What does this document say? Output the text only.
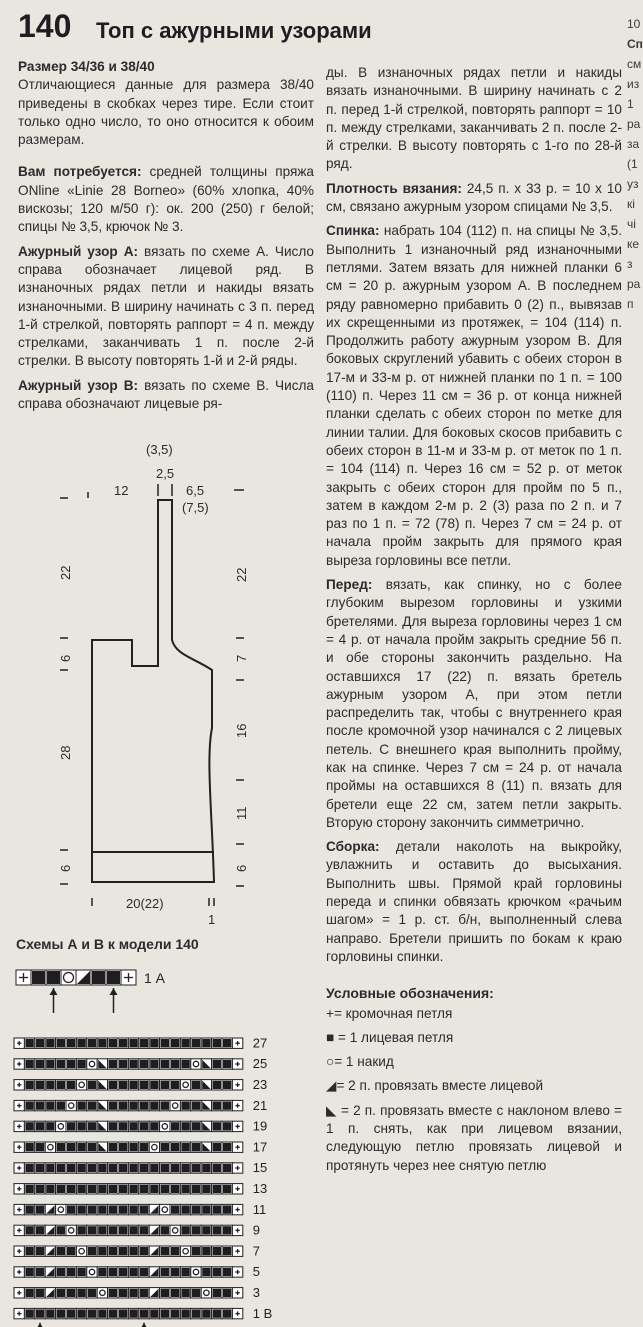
140 Топ с ажурными узорами

Размер 34/36 и 38/40
Отличающиеся данные для размера 38/40 приведены в скобках через тире. Если стоит только одно число, то оно относится к обоим размерам.

Вам потребуется: средней толщины пряжа ONline «Linie 28 Borneo» (60% хлопка, 40% вискозы; 120 м/50 г): ок. 200 (250) г белой; спицы № 3,5, крючок № 3.

Ажурный узор А: вязать по схеме А. Число справа обозначает лицевой ряд. В изнаночных рядах петли и накиды вязать изнаночными. В ширину начинать с 3 п. перед 1-й стрелкой, повторять раппорт = 4 п. между стрелками, заканчивать 1 п. после 2-й стрелки. В высоту повторять 1-й и 2-й ряды.

Ажурный узор В: вязать по схеме В. Числа справа обозначают лицевые ря-

ды. В изнаночных рядах петли и накиды вязать изнаночными. В ширину начинать с 2 п. перед 1-й стрелкой, повторять раппорт = 10 п. между стрелками, заканчивать 2 п. после 2-й стрелки. В высоту повторять с 1-го по 28-й ряд.

Плотность вязания: 24,5 п. х 33 р. = 10 х 10 см, связано ажурным узором спицами № 3,5.

Спинка: набрать 104 (112) п. на спицы № 3,5. Выполнить 1 изнаночный ряд изнаночными петлями. Затем вязать для нижней планки 6 см = 20 р. ажурным узором А. В последнем ряду равномерно прибавить 0 (2) п., вывязав их скрещенными из протяжек, = 104 (114) п. Продолжить работу ажурным узором В. Для боковых скруглений убавить с обеих сторон в 17-м и 33-м р. от нижней планки по 1 п. = 100 (110) п. Через 11 см = 36 р. от конца нижней планки сделать с обеих сторон по метке для линии талии. Для боковых скосов прибавить с обеих сторон в 11-м и 33-м р. от меток по 1 п. = 104 (114) п. Через 16 см = 52 р. от меток закрыть с обеих сторон для пройм по 5 п., затем в каждом 2-м р. 2 (3) раза по 2 п. и 7 раз по 1 п. = 72 (78) п. Через 7 см = 24 р. от начала пройм закрыть для прямого края выреза горловины все петли.

Перед: вязать, как спинку, но с более глубоким вырезом горловины и узкими бретелями. Для выреза горловины через 1 см = 4 р. от начала пройм закрыть средние 56 п. и обе стороны закончить раздельно. На оставшихся 17 (22) п. вязать бретель ажурным узором А, при этом петли распределить так, чтобы с внутреннего края после кромочной узор начинался с 2 лицевых петель. С внешнего края выполнить пройму, как на спинке. Через 7 см = 24 р. от начала проймы на оставшихся 8 (11) п. вязать для бретели еще 22 см, затем петли закрыть. Вторую сторону закончить симметрично.

Сборка: детали наколоть на выкройку, увлажнить и оставить до высыхания. Выполнить швы. Прямой край горловины переда и спинки обвязать крючком «рачьим шагом» = 1 р. ст. б/н, выполненный слева направо. Бретели пришить по бокам к краю горловины спинки.

Условные обозначения:

+= кромочная петля

■ = 1 лицевая петля

○= 1 накид

◢= 2 п. провязать вместе лицевой

◣ = 2 п. провязать вместе с наклоном влево = 1 п. снять, как при лицевом вязании, следующую петлю провязать лицевой и протянуть через нее снятую петлю

10
Сп
см
из
1
ра
за
(1
уз
кі
чі
ке
з
ра
п
(3,5)
2,5
12	6,5
(7,5)
22
6
28
6
22
7
16
11
6
20(22)
1
Схемы А и В к модели 140
1 А
27
25
23
21
19
17
15
13
11
9
7
5
3
1 В
